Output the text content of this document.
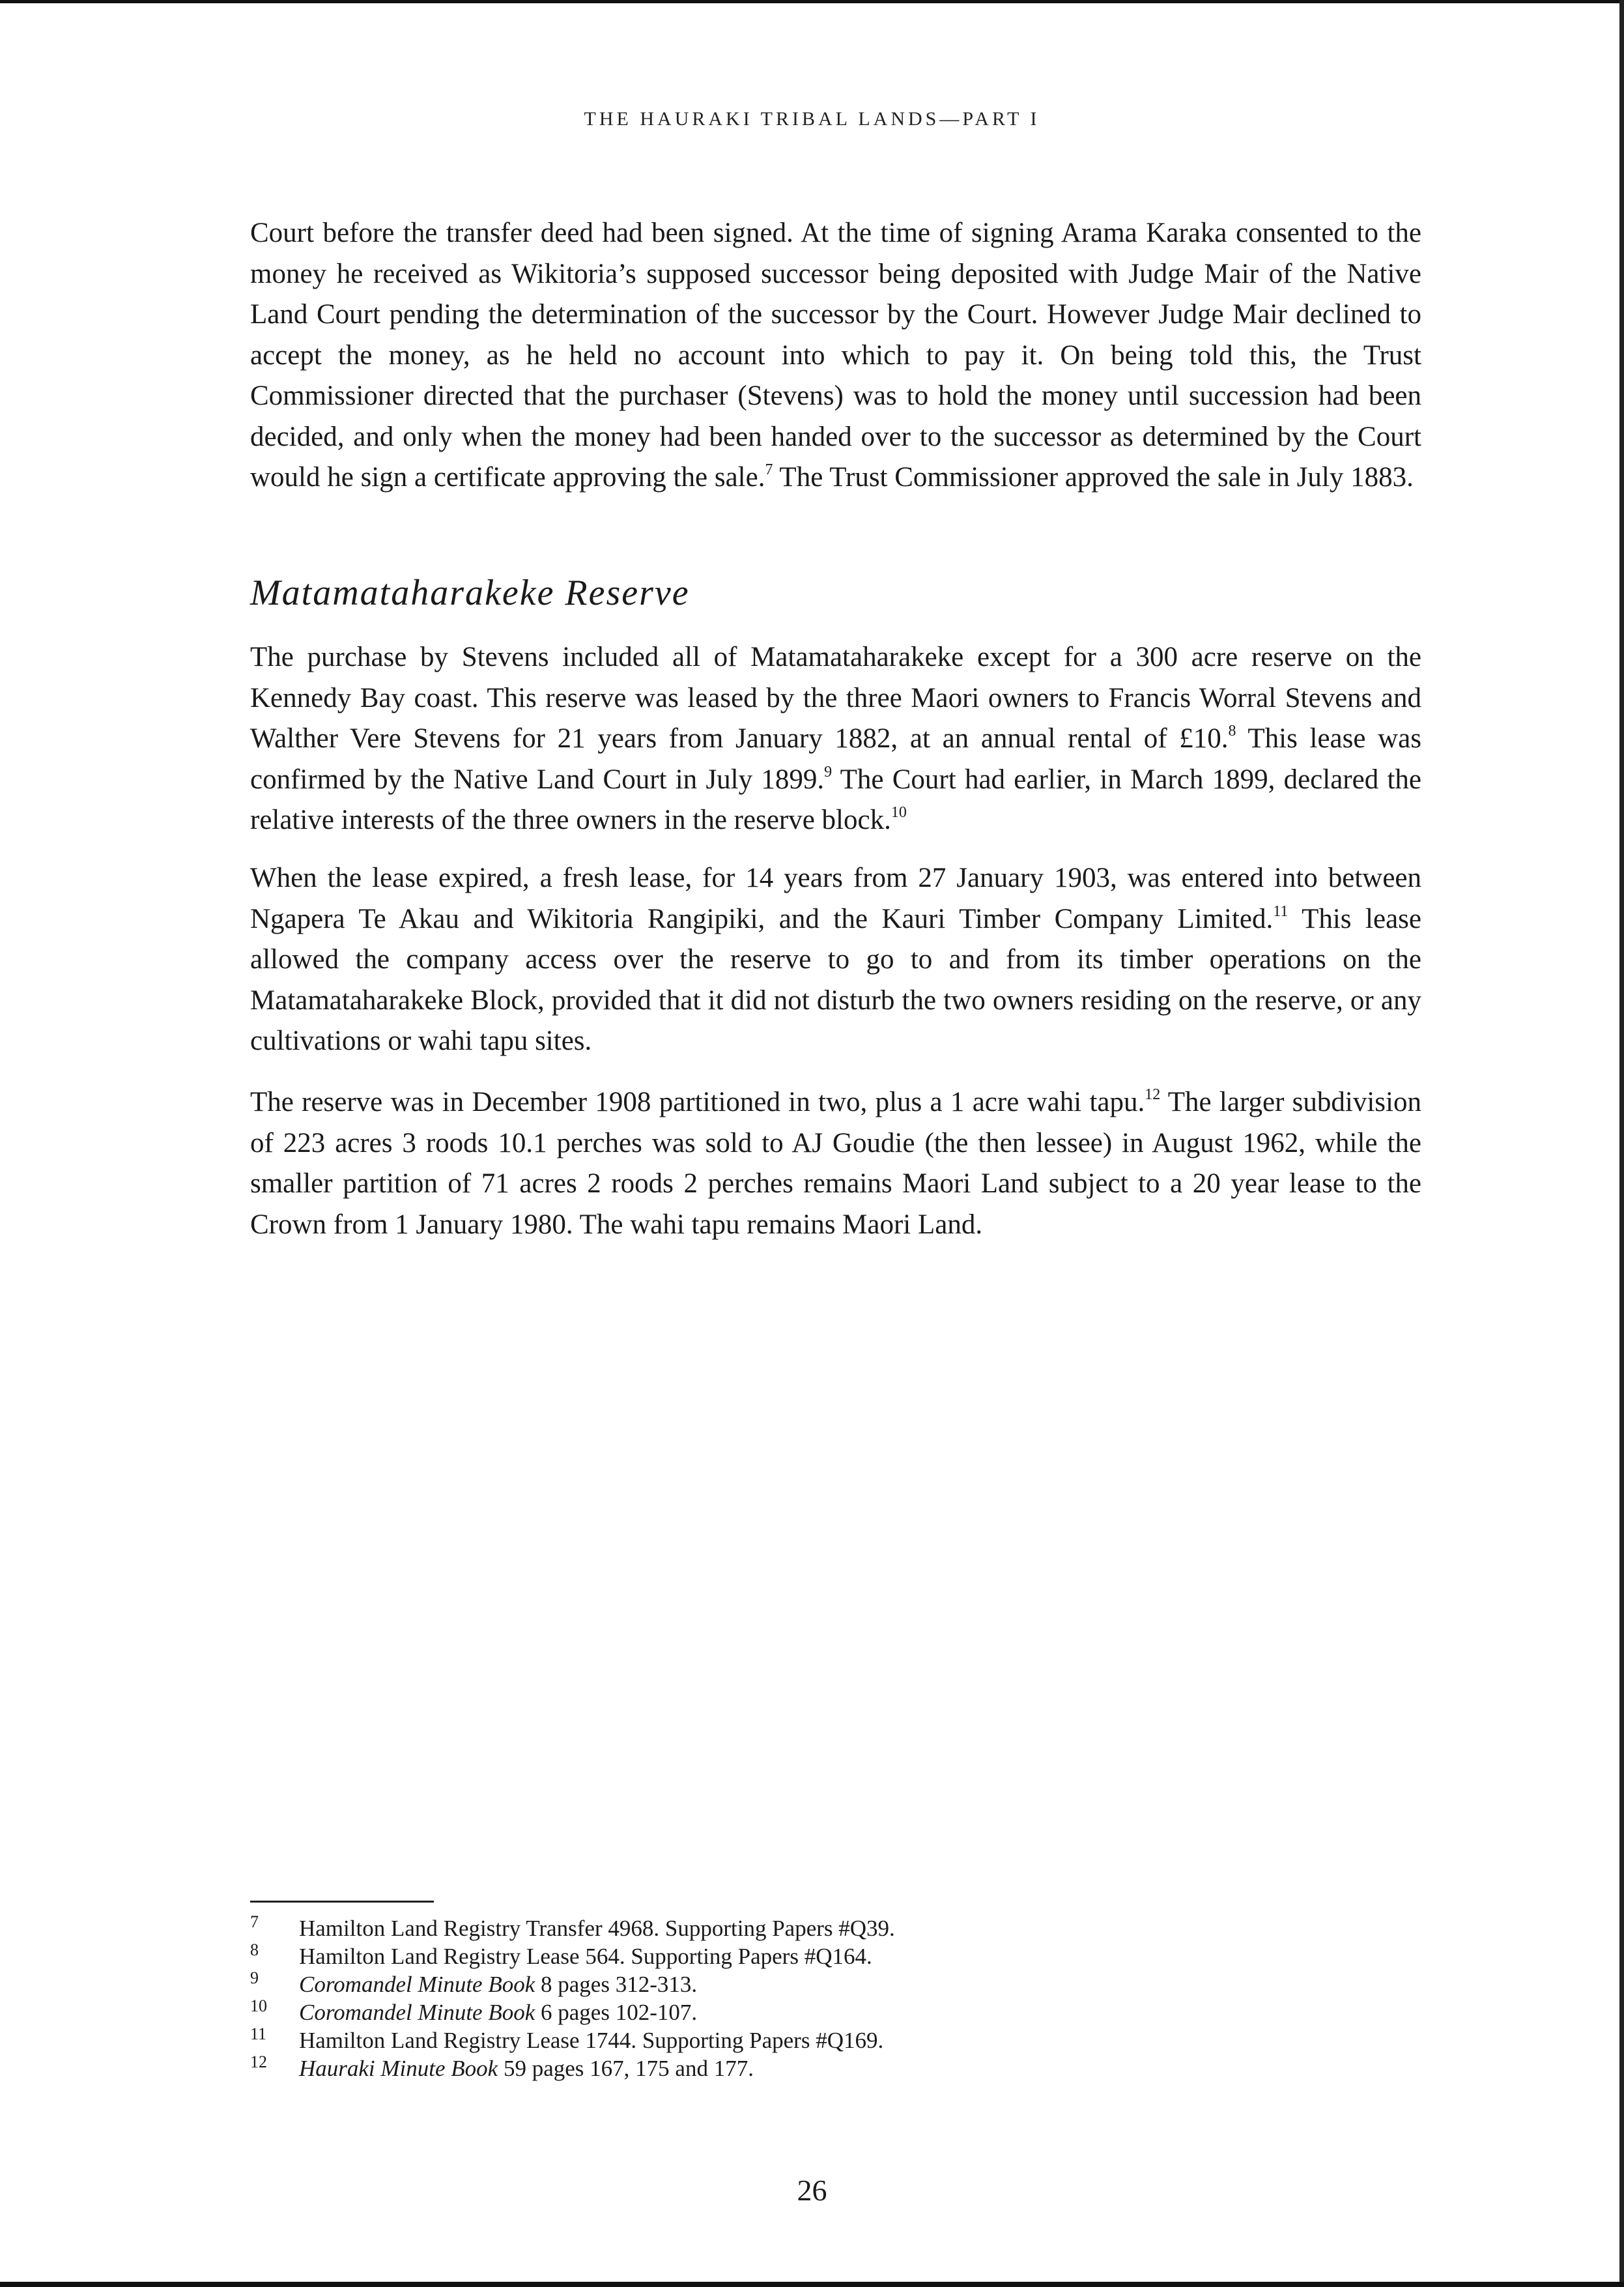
THE HAURAKI TRIBAL LANDS—PART I

Court before the transfer deed had been signed. At the time of signing Arama Karaka consented to the money he received as Wikitoria’s supposed successor being deposited with Judge Mair of the Native Land Court pending the determination of the successor by the Court. However Judge Mair declined to accept the money, as he held no account into which to pay it. On being told this, the Trust Commissioner directed that the purchaser (Stevens) was to hold the money until succession had been decided, and only when the money had been handed over to the successor as determined by the Court would he sign a certificate approving the sale.$^7$ The Trust Commissioner approved the sale in July 1883.

Matamataharakeke Reserve

The purchase by Stevens included all of Matamataharakeke except for a 300 acre reserve on the Kennedy Bay coast. This reserve was leased by the three Maori owners to Francis Worral Stevens and Walther Vere Stevens for 21 years from January 1882, at an annual rental of £10.$^8$ This lease was confirmed by the Native Land Court in July 1899.$^9$ The Court had earlier, in March 1899, declared the relative interests of the three owners in the reserve block.$^{10}$

When the lease expired, a fresh lease, for 14 years from 27 January 1903, was entered into between Ngapera Te Akau and Wikitoria Rangipiki, and the Kauri Timber Company Limited.$^{11}$ This lease allowed the company access over the reserve to go to and from its timber operations on the Matamataharakeke Block, provided that it did not disturb the two owners residing on the reserve, or any cultivations or wahi tapu sites.

The reserve was in December 1908 partitioned in two, plus a 1 acre wahi tapu.$^{12}$ The larger subdivision of 223 acres 3 roods 10.1 perches was sold to AJ Goudie (the then lessee) in August 1962, while the smaller partition of 71 acres 2 roods 2 perches remains Maori Land subject to a 20 year lease to the Crown from 1 January 1980. The wahi tapu remains Maori Land.

7	Hamilton Land Registry Transfer 4968. Supporting Papers #Q39.
8	Hamilton Land Registry Lease 564. Supporting Papers #Q164.
9	Coromandel Minute Book 8 pages 312-313.
10	Coromandel Minute Book 6 pages 102-107.
11	Hamilton Land Registry Lease 1744. Supporting Papers #Q169.
12	Hauraki Minute Book 59 pages 167, 175 and 177.
26
